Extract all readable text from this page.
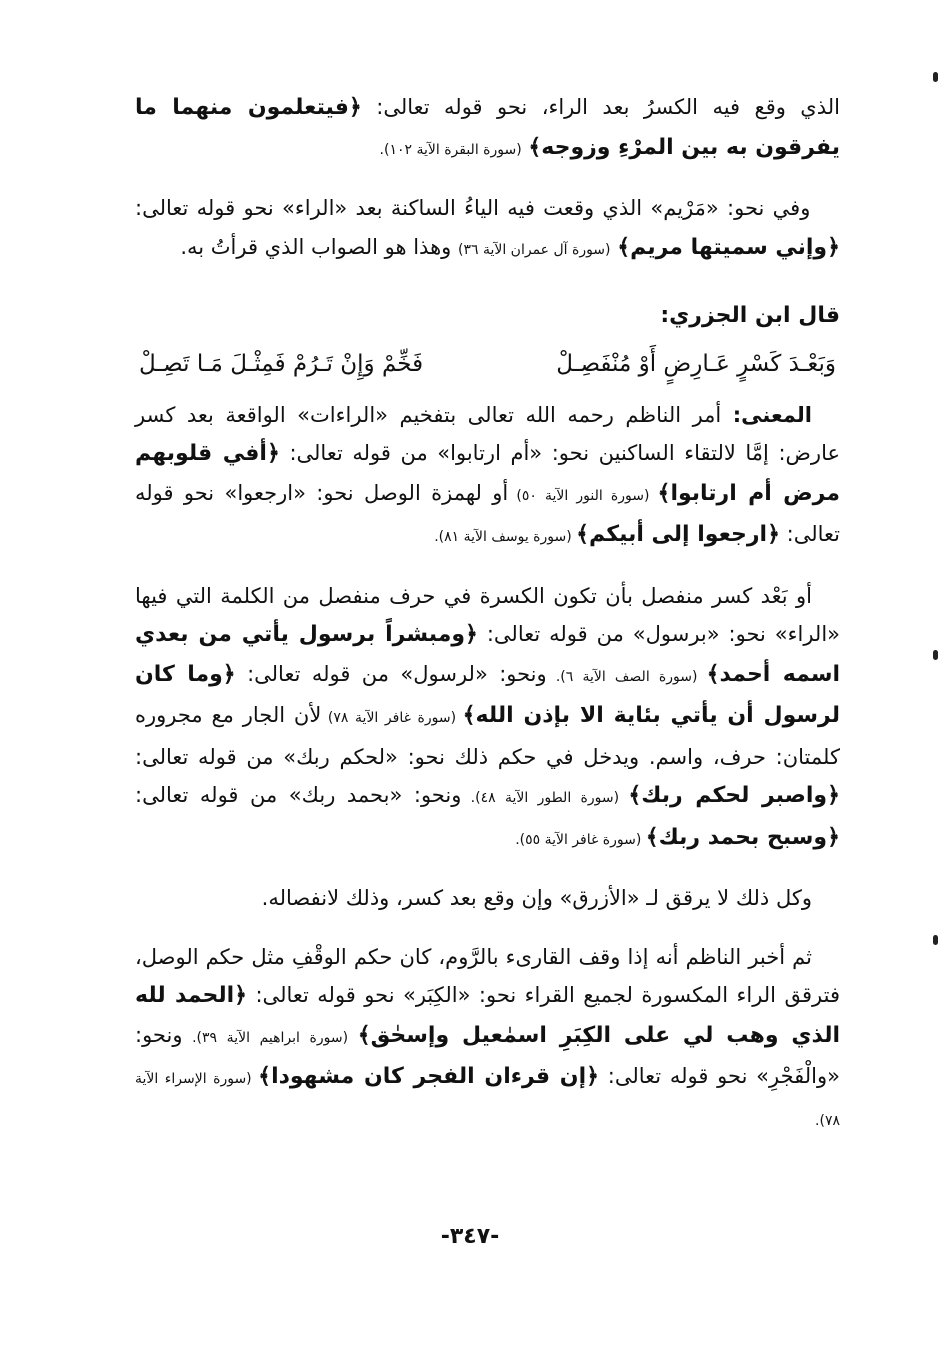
الذي وقع فيه الكسرُ بعد الراء، نحو قوله تعالى: ﴿فيتعلمون منهما ما يفرقون به بين المرْءِ وزوجه﴾ (سورة البقرة الآية ١٠٢).

وفي نحو: «مَرْيم» الذي وقعت فيه الياءُ الساكنة بعد «الراء» نحو قوله تعالى: ﴿وإني سميتها مريم﴾ (سورة آل عمران الآية ٣٦) وهذا هو الصواب الذي قرأتُ به.

قال ابن الجزري:

وَبَعْـدَ كَسْرٍ عَـارِضٍ أَوْ مُنْفَصِـلْ
فَخِّمْ وَإِنْ تَـرُمْ فَمِثْـلَ مَـا تَصِـلْ

المعنى: أمر الناظم رحمه الله تعالى بتفخيم «الراءات» الواقعة بعد كسر عارض: إمَّا لالتقاء الساكنين نحو: «أم ارتابوا» من قوله تعالى: ﴿أفي قلوبهم مرض أم ارتابوا﴾ (سورة النور الآية ٥٠) أو لهمزة الوصل نحو: «ارجعوا» نحو قوله تعالى: ﴿ارجعوا إلى أبيكم﴾ (سورة يوسف الآية ٨١).

أو بَعْد كسر منفصل بأن تكون الكسرة في حرف منفصل من الكلمة التي فيها «الراء» نحو: «برسول» من قوله تعالى: ﴿ومبشراً برسول يأتي من بعدي اسمه أحمد﴾ (سورة الصف الآية ٦). ونحو: «لرسول» من قوله تعالى: ﴿وما كان لرسول أن يأتي بئاية الا بإذن الله﴾ (سورة غافر الآية ٧٨) لأن الجار مع مجروره كلمتان: حرف، واسم. ويدخل في حكم ذلك نحو: «لحكم ربك» من قوله تعالى: ﴿واصبر لحكم ربك﴾ (سورة الطور الآية ٤٨). ونحو: «بحمد ربك» من قوله تعالى: ﴿وسبح بحمد ربك﴾ (سورة غافر الآية ٥٥).

وكل ذلك لا يرقق لـ «الأزرق» وإن وقع بعد كسر، وذلك لانفصاله.

ثم أخبر الناظم أنه إذا وقف القارىء بالرَّوم، كان حكم الوقْفِ مثل حكم الوصل، فترقق الراء المكسورة لجميع القراء نحو: «الكِبَر» نحو قوله تعالى: ﴿الحمد لله الذي وهب لي على الكِبَرِ اسمٰعيل وإسحٰق﴾ (سورة ابراهيم الآية ٣٩). ونحو: «والْفَجْرِ» نحو قوله تعالى: ﴿إن قرءان الفجر كان مشهودا﴾ (سورة الإسراء الآية ٧٨).

-٣٤٧-
